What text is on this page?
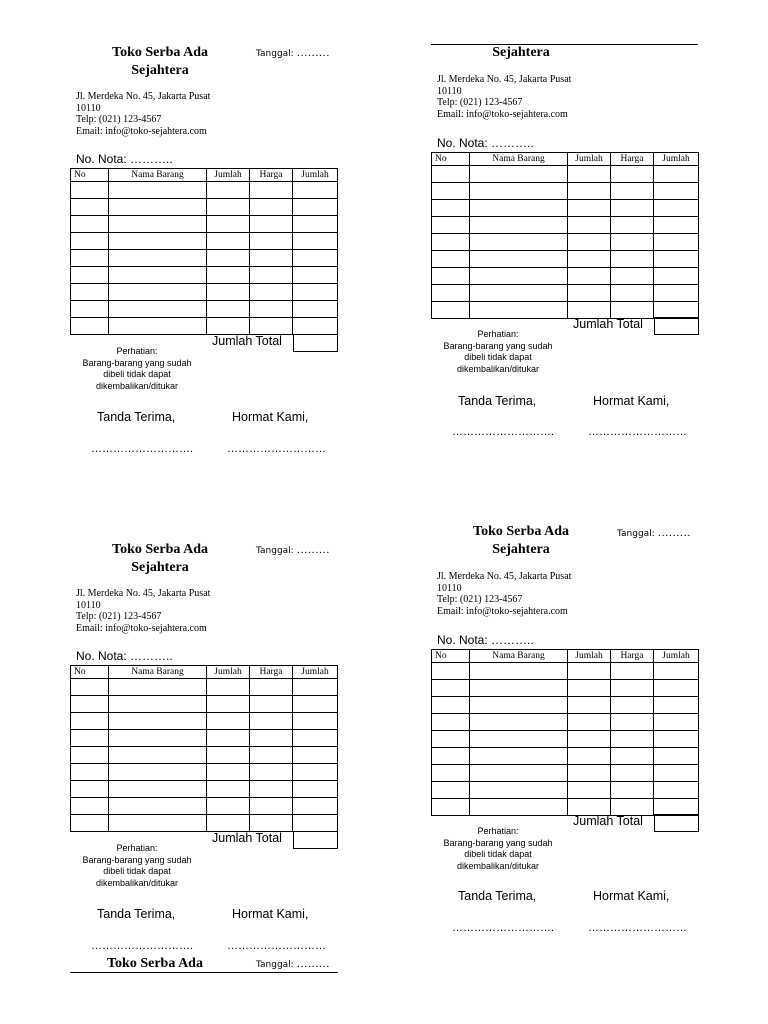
Toko Serba Ada
Sejahtera
Tanggal: ………
Jl. Merdeka No. 45, Jakarta Pusat
10110
Telp: (021) 123-4567
Email: info@toko-sejahtera.com
No. Nota: ………..
No	Nama Barang	Jumlah	Harga	Jumlah

Jumlah Total
Perhatian:
Barang-barang yang sudah
dibeli tidak dapat
dikembalikan/ditukar
Tanda Terima,	Hormat Kami,
……………………….	………………………
Sejahtera
Jl. Merdeka No. 45, Jakarta Pusat
10110
Telp: (021) 123-4567
Email: info@toko-sejahtera.com
No. Nota: ………..
No	Nama Barang	Jumlah	Harga	Jumlah

Jumlah Total
Perhatian:
Barang-barang yang sudah
dibeli tidak dapat
dikembalikan/ditukar
Tanda Terima,	Hormat Kami,
……………………….	………………………
Toko Serba Ada
Sejahtera
Tanggal: ………
Jl. Merdeka No. 45, Jakarta Pusat
10110
Telp: (021) 123-4567
Email: info@toko-sejahtera.com
No. Nota: ………..
No	Nama Barang	Jumlah	Harga	Jumlah

Jumlah Total
Perhatian:
Barang-barang yang sudah
dibeli tidak dapat
dikembalikan/ditukar
Tanda Terima,	Hormat Kami,
……………………….	………………………
Toko Serba Ada
Sejahtera
Tanggal: ………
Jl. Merdeka No. 45, Jakarta Pusat
10110
Telp: (021) 123-4567
Email: info@toko-sejahtera.com
No. Nota: ………..
No	Nama Barang	Jumlah	Harga	Jumlah

Jumlah Total
Perhatian:
Barang-barang yang sudah
dibeli tidak dapat
dikembalikan/ditukar
Tanda Terima,	Hormat Kami,
……………………….	………………………
Toko Serba Ada	Tanggal: ………
